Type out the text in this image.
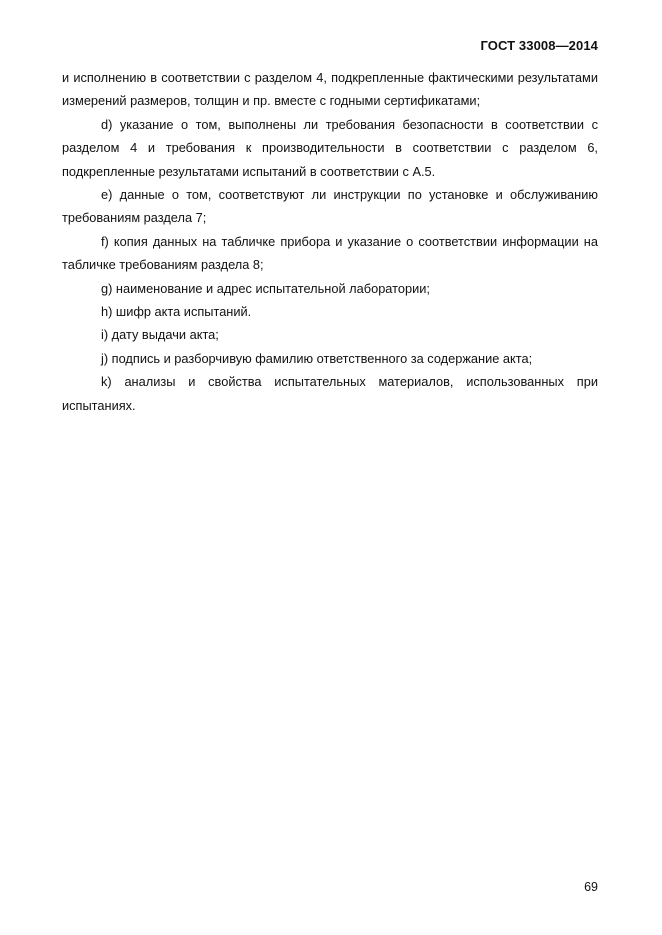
ГОСТ 33008—2014

и исполнению в соответствии с разделом 4, подкрепленные фактическими результатами измерений размеров, толщин и пр. вместе с годными сертификатами;

d) указание о том, выполнены ли требования безопасности в соответствии с разделом 4 и требования к производительности в соответствии с разделом 6, подкрепленные результатами испытаний в соответствии с А.5.

e) данные о том, соответствуют ли инструкции по установке и обслуживанию требованиям раздела 7;

f) копия данных на табличке прибора и указание о соответствии информации на табличке требованиям раздела 8;

g) наименование и адрес испытательной лаборатории;

h) шифр акта испытаний.

i) дату выдачи акта;

j) подпись и разборчивую фамилию ответственного за содержание акта;

k) анализы и свойства испытательных материалов, использованных при испытаниях.

69
